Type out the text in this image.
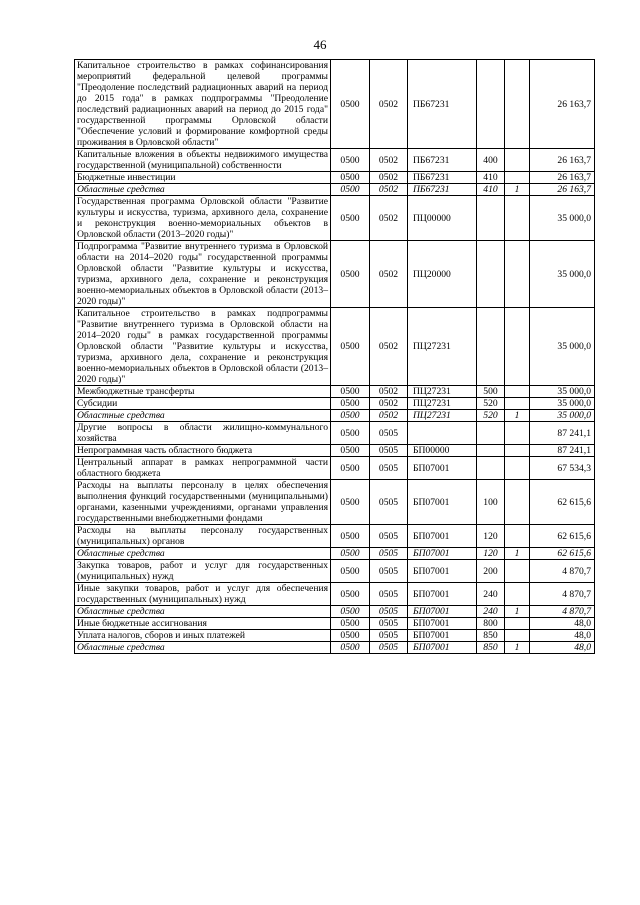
46
Капитальное строительство в рамках софинансирования мероприятий федеральной целевой программы "Преодоление последствий радиационных аварий на период до 2015 года" в рамках подпрограммы "Преодоление последствий радиационных аварий на период до 2015 года" государственной программы Орловской области "Обеспечение условий и формирование комфортной среды проживания в Орловской области"	0500	0502	ПБ67231			26 163,7
Капитальные вложения в объекты недвижимого имущества государственной (муниципальной) собственности	0500	0502	ПБ67231	400		26 163,7
Бюджетные инвестиции	0500	0502	ПБ67231	410		26 163,7
Областные средства	0500	0502	ПБ67231	410	1	26 163,7
Государственная программа Орловской области "Развитие культуры и искусства, туризма, архивного дела, сохранение и реконструкция военно-мемориальных объектов в Орловской области (2013–2020 годы)"	0500	0502	ПЦ00000			35 000,0
Подпрограмма "Развитие внутреннего туризма в Орловской области на 2014–2020 годы" государственной программы Орловской области "Развитие культуры и искусства, туризма, архивного дела, сохранение и реконструкция военно-мемориальных объектов в Орловской области (2013–2020 годы)"	0500	0502	ПЦ20000			35 000,0
Капитальное строительство в рамках подпрограммы "Развитие внутреннего туризма в Орловской области на 2014–2020 годы" в рамках государственной программы Орловской области "Развитие культуры и искусства, туризма, архивного дела, сохранение и реконструкция военно-мемориальных объектов в Орловской области (2013–2020 годы)"	0500	0502	ПЦ27231			35 000,0
Межбюджетные трансферты	0500	0502	ПЦ27231	500		35 000,0
Субсидии	0500	0502	ПЦ27231	520		35 000,0
Областные средства	0500	0502	ПЦ27231	520	1	35 000,0
Другие вопросы в области жилищно-коммунального хозяйства	0500	0505				87 241,1
Непрограммная часть областного бюджета	0500	0505	БП00000			87 241,1
Центральный аппарат в рамках непрограммной части областного бюджета	0500	0505	БП07001			67 534,3
Расходы на выплаты персоналу в целях обеспечения выполнения функций государственными (муниципальными) органами, казенными учреждениями, органами управления государственными внебюджетными фондами	0500	0505	БП07001	100		62 615,6
Расходы на выплаты персоналу государственных (муниципальных) органов	0500	0505	БП07001	120		62 615,6
Областные средства	0500	0505	БП07001	120	1	62 615,6
Закупка товаров, работ и услуг для государственных (муниципальных) нужд	0500	0505	БП07001	200		4 870,7
Иные закупки товаров, работ и услуг для обеспечения государственных (муниципальных) нужд	0500	0505	БП07001	240		4 870,7
Областные средства	0500	0505	БП07001	240	1	4 870,7
Иные бюджетные ассигнования	0500	0505	БП07001	800		48,0
Уплата налогов, сборов и иных платежей	0500	0505	БП07001	850		48,0
Областные средства	0500	0505	БП07001	850	1	48,0
